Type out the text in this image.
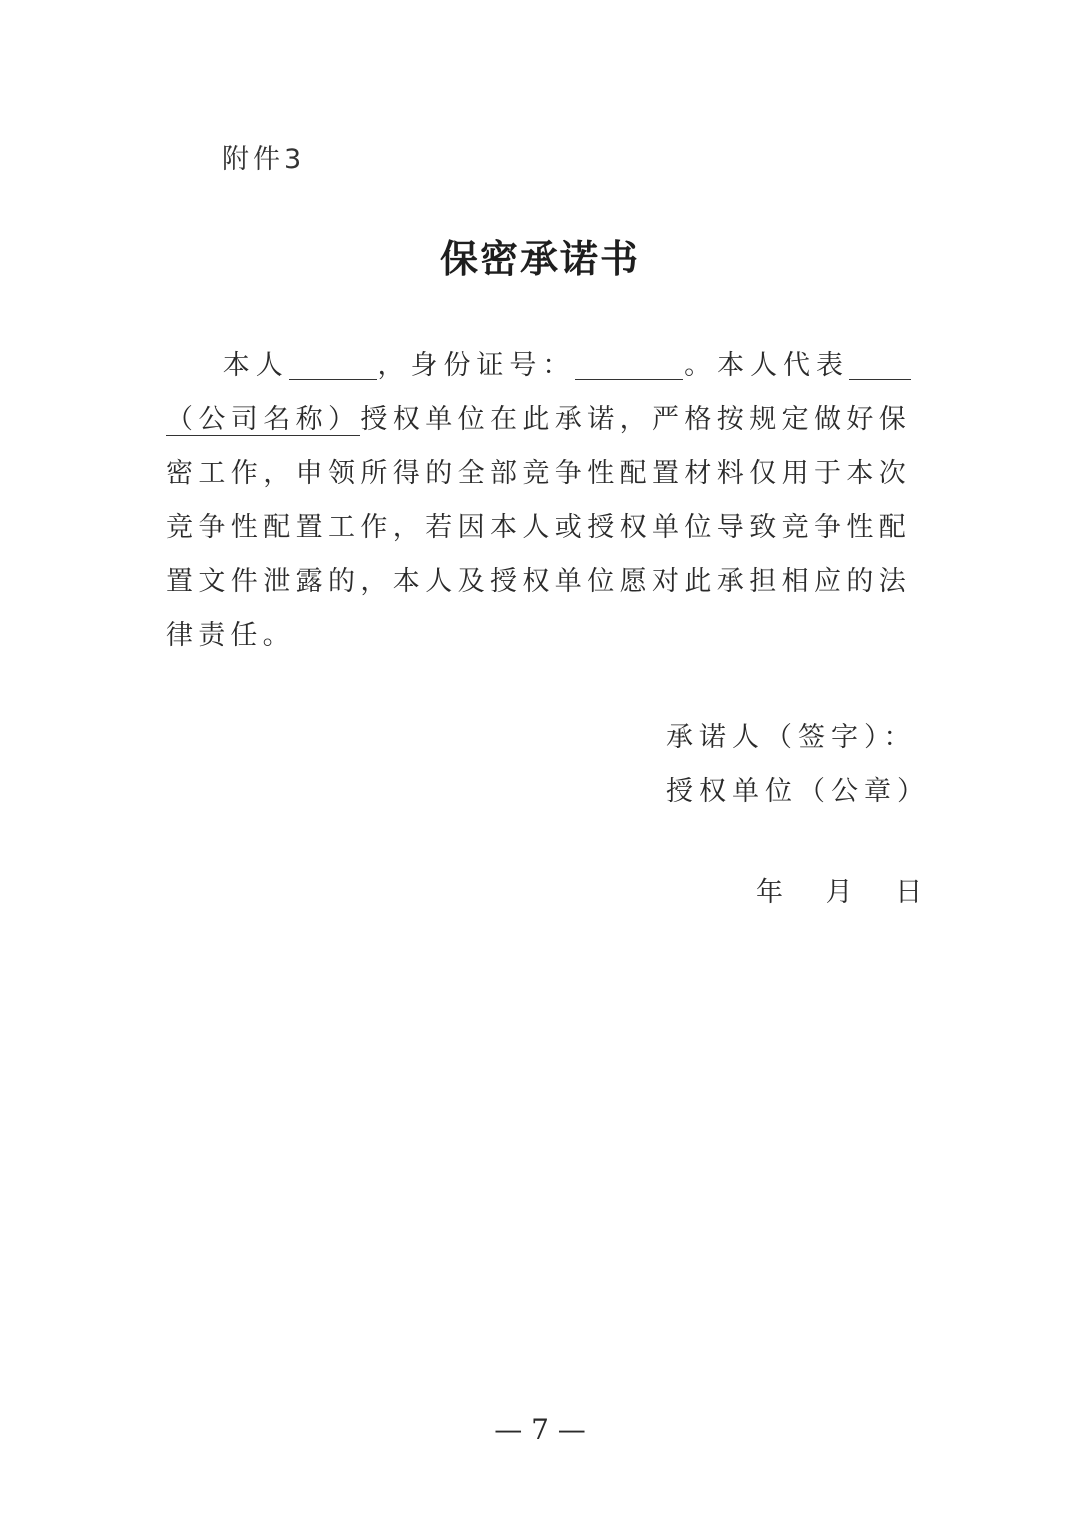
附件3
保密承诺书
本人	，身份证号：	。本人代表（公司名称）授权单位在此承诺，严格按规定做好保密工作，申领所得的全部竞争性配置材料仅用于本次竞争性配置工作，若因本人或授权单位导致竞争性配置文件泄露的，本人及授权单位愿对此承担相应的法律责任。
承诺人（签字）：
授权单位（公章）
年 月 日
— 7 —
